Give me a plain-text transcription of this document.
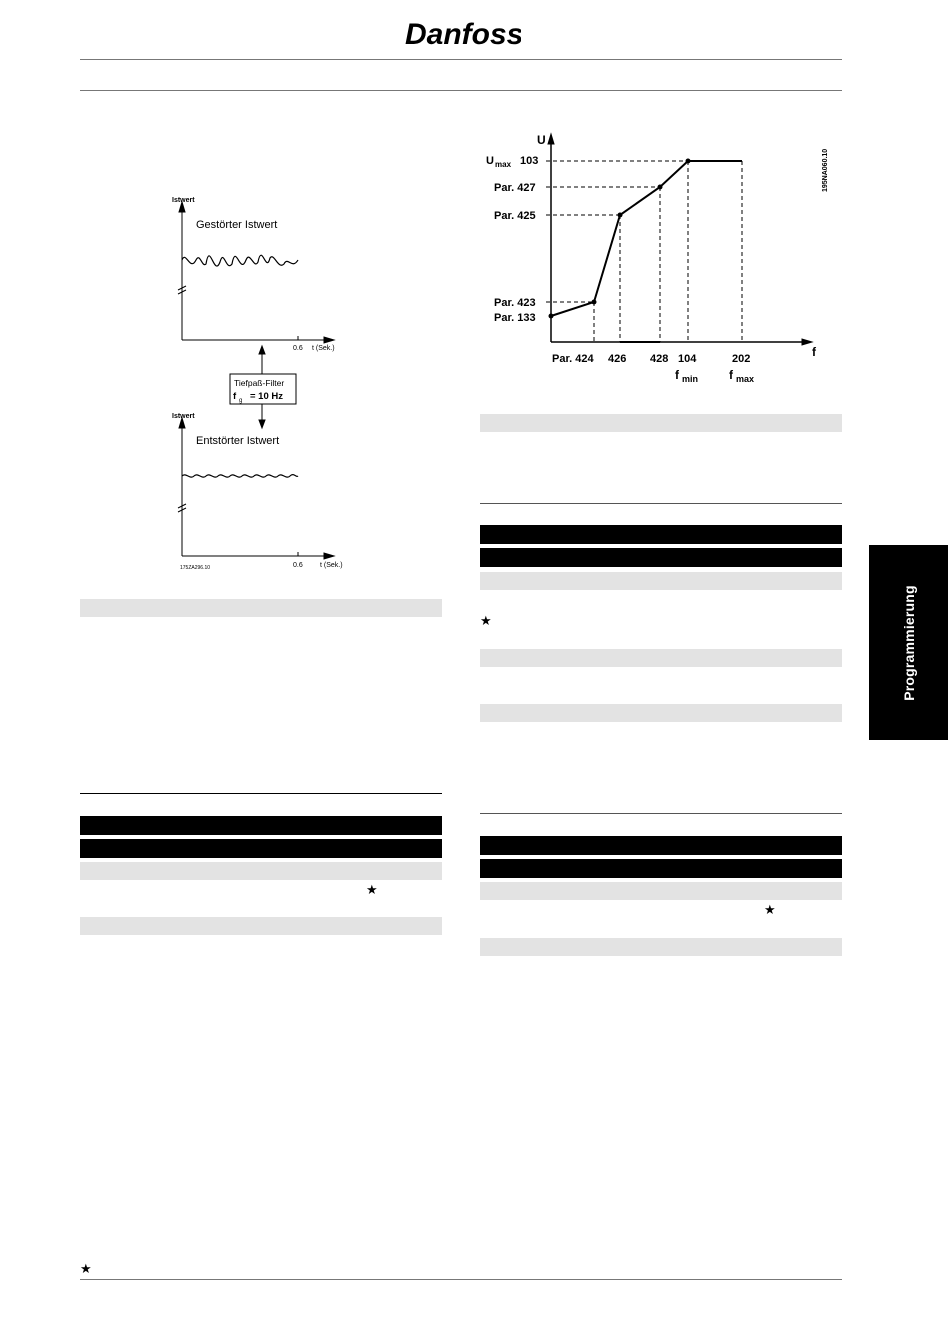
Danfoss
Istwert
Gestörter Istwert
0.6 t (Sek.)
Tiefpaß-Filter
f g = 10 Hz
Istwert
Entstörter Istwert
0.6 t (Sek.)
175ZA296.10
U
U max 103
Par. 427
Par. 425
Par. 423
Par. 133
Par. 424 426 428 104	202
f min	f max
f
195NA060.10
★
★
★
Programmierung
★
